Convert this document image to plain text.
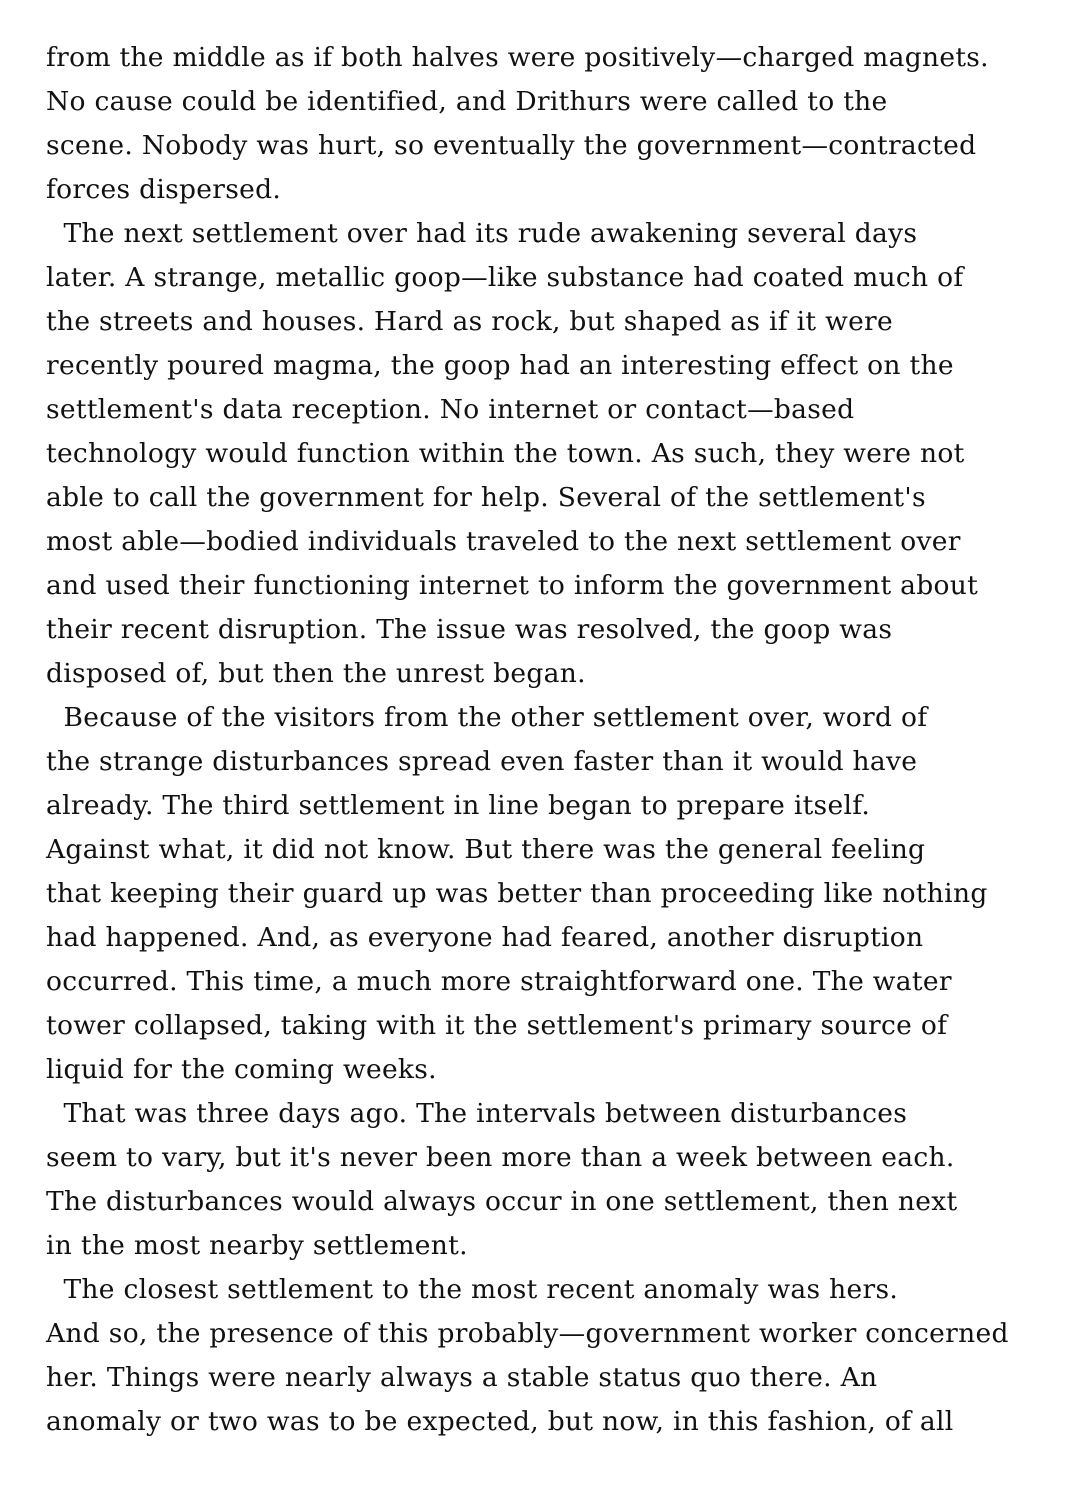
from the middle as if both halves were positively—charged magnets.
No cause could be identified, and Drithurs were called to the
scene. Nobody was hurt, so eventually the government—contracted
forces dispersed.
The next settlement over had its rude awakening several days
later. A strange, metallic goop—like substance had coated much of
the streets and houses. Hard as rock, but shaped as if it were
recently poured magma, the goop had an interesting effect on the
settlement's data reception. No internet or contact—based
technology would function within the town. As such, they were not
able to call the government for help. Several of the settlement's
most able—bodied individuals traveled to the next settlement over
and used their functioning internet to inform the government about
their recent disruption. The issue was resolved, the goop was
disposed of, but then the unrest began.
Because of the visitors from the other settlement over, word of
the strange disturbances spread even faster than it would have
already. The third settlement in line began to prepare itself.
Against what, it did not know. But there was the general feeling
that keeping their guard up was better than proceeding like nothing
had happened. And, as everyone had feared, another disruption
occurred. This time, a much more straightforward one. The water
tower collapsed, taking with it the settlement's primary source of
liquid for the coming weeks.
That was three days ago. The intervals between disturbances
seem to vary, but it's never been more than a week between each.
The disturbances would always occur in one settlement, then next
in the most nearby settlement.
The closest settlement to the most recent anomaly was hers.
And so, the presence of this probably—government worker concerned
her. Things were nearly always a stable status quo there. An
anomaly or two was to be expected, but now, in this fashion, of all
